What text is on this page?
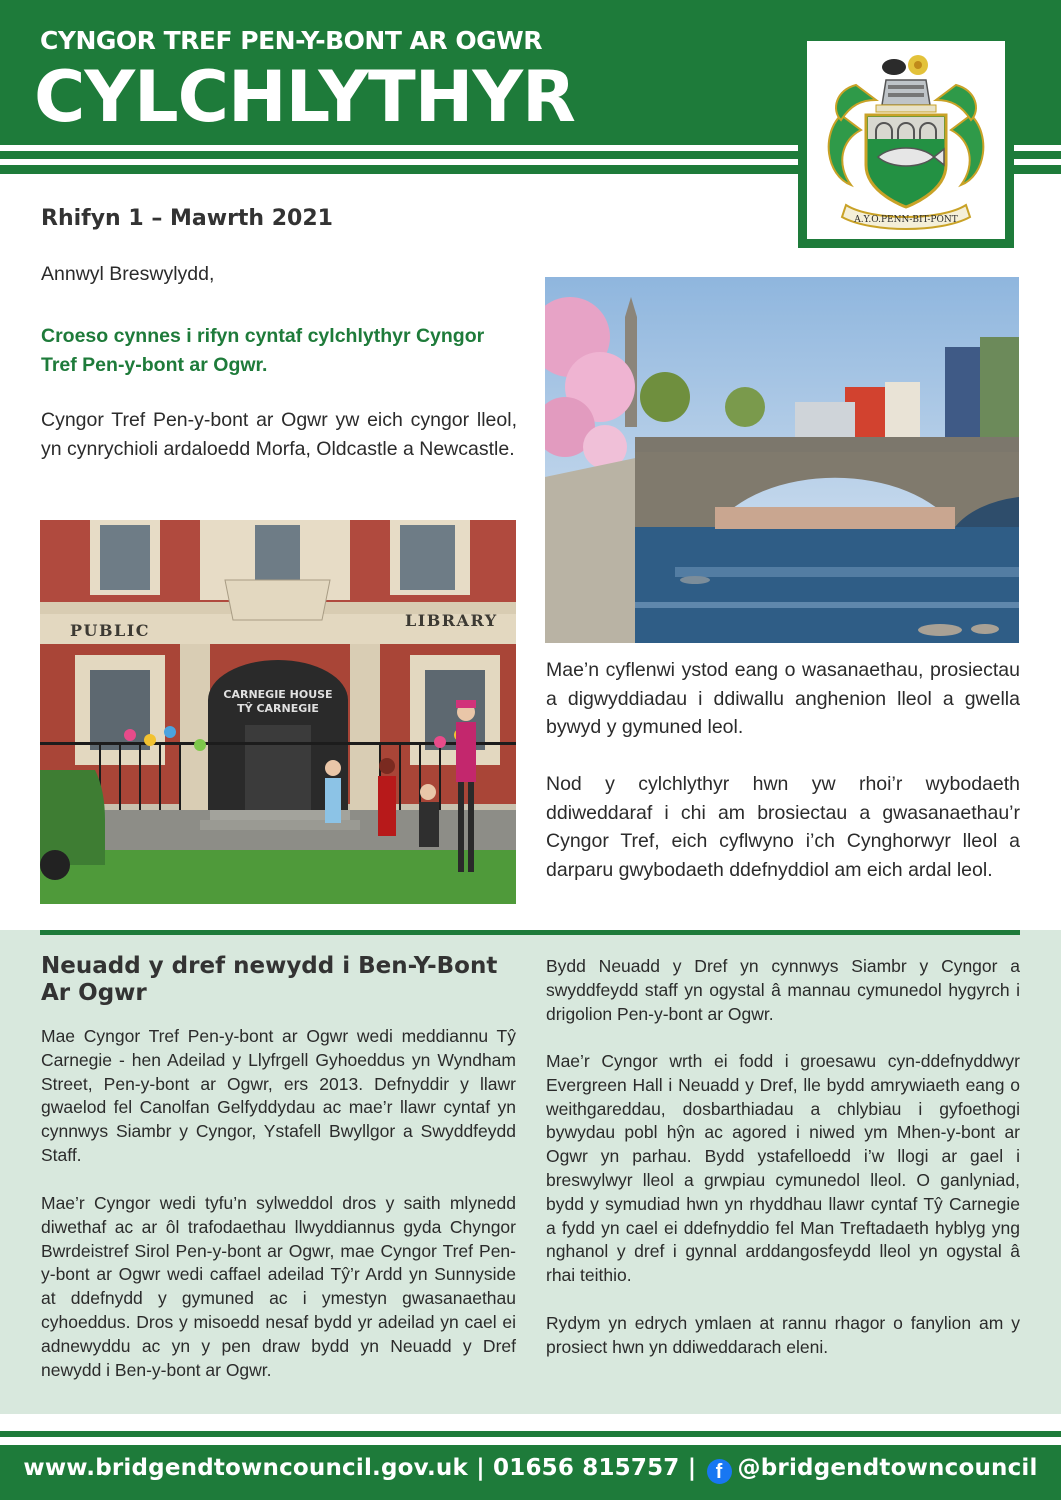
CYNGOR TREF PEN-Y-BONT AR OGWR
CYLCHLYTHYR
A.Y.O.PENN-BIT-PONT
Rhifyn 1 – Mawrth 2021
Annwyl Breswylydd,
Croeso cynnes i rifyn cyntaf cylchlythyr Cyngor Tref Pen-y-bont ar Ogwr.
Cyngor Tref Pen-y-bont ar Ogwr yw eich cyngor lleol, yn cynrychioli ardaloedd Morfa, Oldcastle a Newcastle.
PUBLIC
LIBRARY
CARNEGIE HOUSE
TŶ CARNEGIE
Mae’n cyflenwi ystod eang o wasanaethau, prosiectau a digwyddiadau i ddiwallu anghenion lleol a gwella bywyd y gymuned leol.
Nod y cylchlythyr hwn yw rhoi’r wybodaeth ddiweddaraf i chi am brosiectau a gwasanaethau’r Cyngor Tref, eich cyflwyno i’ch Cynghorwyr lleol a darparu gwybodaeth ddefnyddiol am eich ardal leol.
Neuadd y dref newydd i Ben-Y-Bont Ar Ogwr
Mae Cyngor Tref Pen-y-bont ar Ogwr wedi meddiannu Tŷ Carnegie - hen Adeilad y Llyfrgell Gyhoeddus yn Wyndham Street, Pen-y-bont ar Ogwr, ers 2013. Defnyddir y llawr gwaelod fel Canolfan Gelfyddydau ac mae’r llawr cyntaf yn cynnwys Siambr y Cyngor, Ystafell Bwyllgor a Swyddfeydd Staff.
Mae’r Cyngor wedi tyfu’n sylweddol dros y saith mlynedd diwethaf ac ar ôl trafodaethau llwyddiannus gyda Chyngor Bwrdeistref Sirol Pen-y-bont ar Ogwr, mae Cyngor Tref Pen-y-bont ar Ogwr wedi caffael adeilad Tŷ’r Ardd yn Sunnyside at ddefnydd y gymuned ac i ymestyn gwasanaethau cyhoeddus. Dros y misoedd nesaf bydd yr adeilad yn cael ei adnewyddu ac yn y pen draw bydd yn Neuadd y Dref newydd i Ben-y-bont ar Ogwr.
Bydd Neuadd y Dref yn cynnwys Siambr y Cyngor a swyddfeydd staff yn ogystal â mannau cymunedol hygyrch i drigolion Pen-y-bont ar Ogwr.
Mae’r Cyngor wrth ei fodd i groesawu cyn-ddefnyddwyr Evergreen Hall i Neuadd y Dref, lle bydd amrywiaeth eang o weithgareddau, dosbarthiadau a chlybiau i gyfoethogi bywydau pobl hŷn ac agored i niwed ym Mhen-y-bont ar Ogwr yn parhau. Bydd ystafelloedd i’w llogi ar gael i breswylwyr lleol a grwpiau cymunedol lleol. O ganlyniad, bydd y symudiad hwn yn rhyddhau llawr cyntaf Tŷ Carnegie a fydd yn cael ei ddefnyddio fel Man Treftadaeth hyblyg yng nghanol y dref i gynnal arddangosfeydd lleol yn ogystal â rhai teithio.
Rydym yn edrych ymlaen at rannu rhagor o fanylion am y prosiect hwn yn ddiweddarach eleni.
www.bridgendtowncouncil.gov.uk | 01656 815757 | f @bridgendtowncouncil
